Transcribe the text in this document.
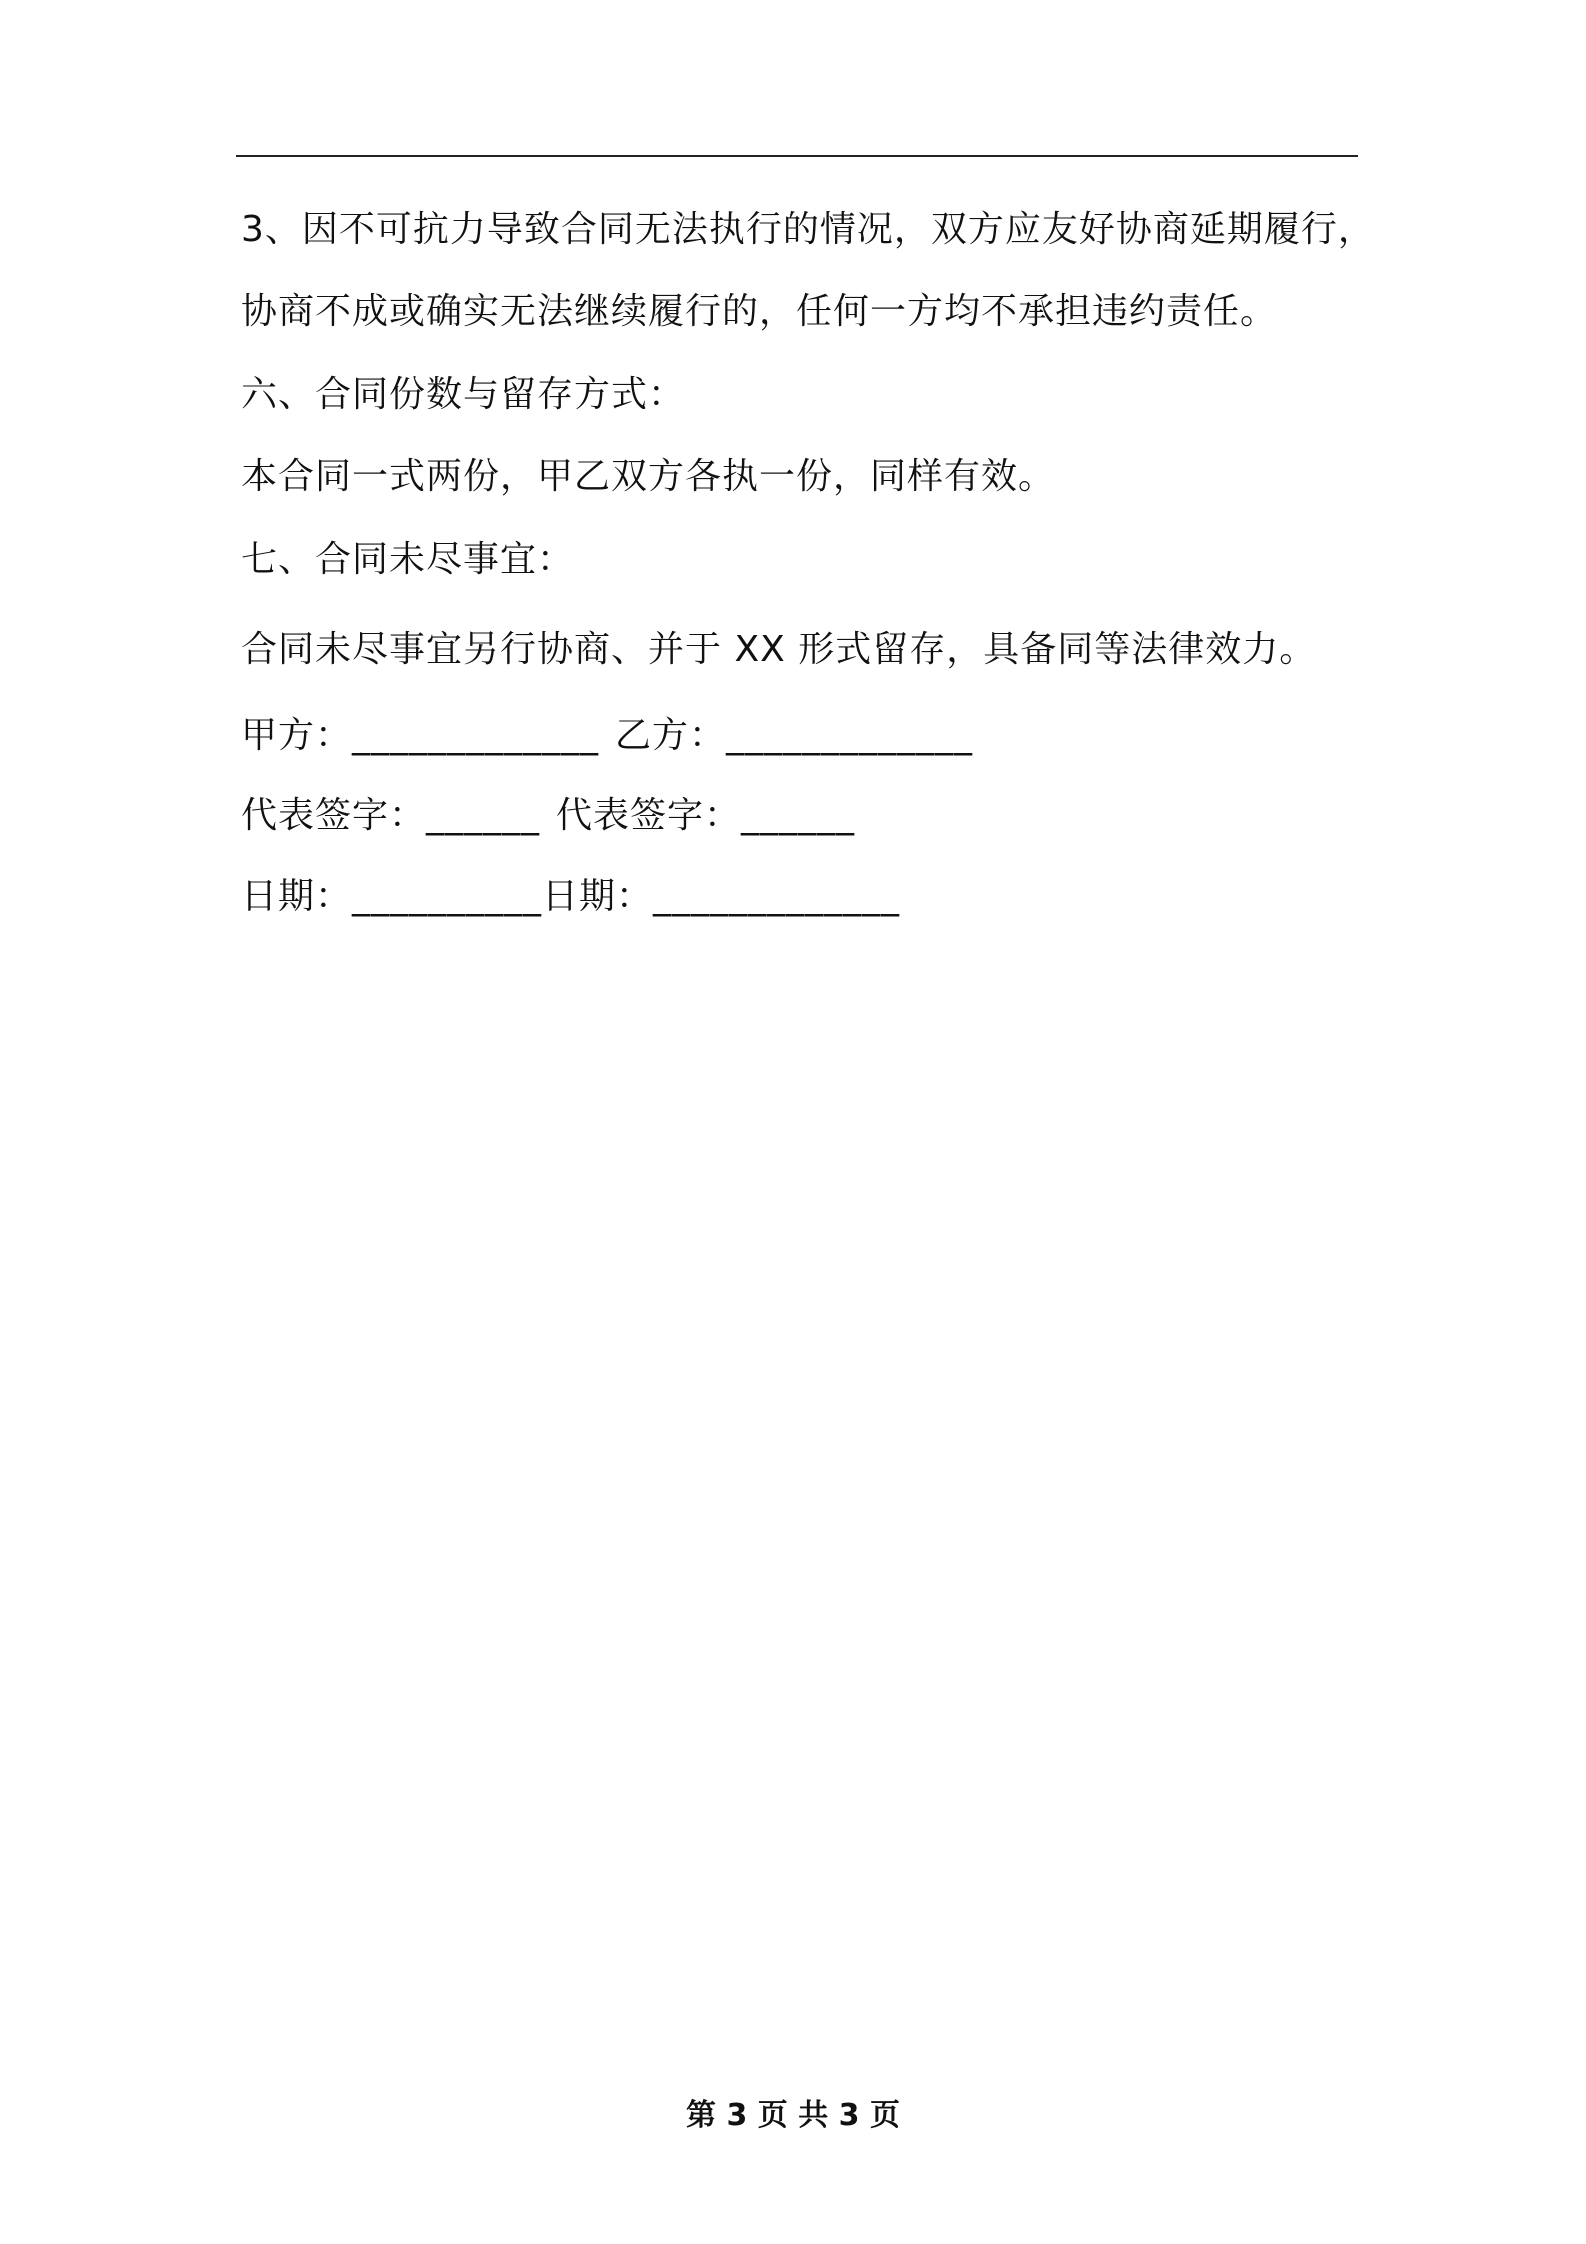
3、因不可抗力导致合同无法执行的情况，双方应友好协商延期履行，
协商不成或确实无法继续履行的，任何一方均不承担违约责任。
六、合同份数与留存方式：
本合同一式两份，甲乙双方各执一份，同样有效。
七、合同未尽事宜：
合同未尽事宜另行协商、并于 XX 形式留存，具备同等法律效力。
甲方：_____________ 乙方：_____________
代表签字：______ 代表签字：______
日期：__________日期：_____________
第 3 页 共 3 页
